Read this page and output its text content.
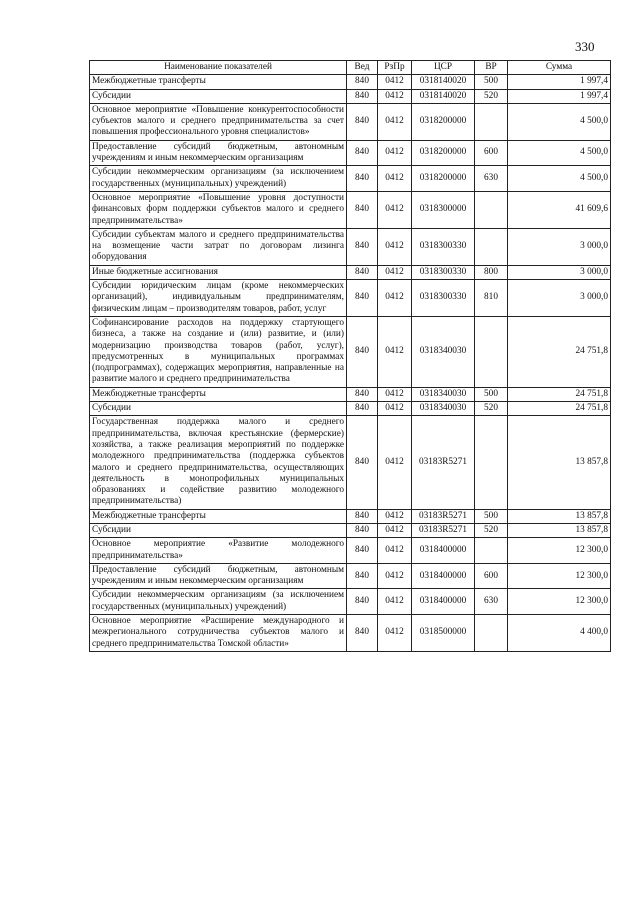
330
Наименование показателей	Вед	РзПр	ЦСР	ВР	Сумма
Межбюджетные трансферты	840	0412	0318140020	500	1 997,4
Субсидии	840	0412	0318140020	520	1 997,4
Основное мероприятие «Повышение конкурентоспособности субъектов малого и среднего предпринимательства за счет повышения профессионального уровня специалистов»	840	0412	0318200000		4 500,0
Предоставление субсидий бюджетным, автономным учреждениям и иным некоммерческим организациям	840	0412	0318200000	600	4 500,0
Субсидии некоммерческим организациям (за исключением государственных (муниципальных) учреждений)	840	0412	0318200000	630	4 500,0
Основное мероприятие «Повышение уровня доступности финансовых форм поддержки субъектов малого и среднего предпринимательства»	840	0412	0318300000		41 609,6
Субсидии субъектам малого и среднего предпринимательства на возмещение части затрат по договорам лизинга оборудования	840	0412	0318300330		3 000,0
Иные бюджетные ассигнования	840	0412	0318300330	800	3 000,0
Субсидии юридическим лицам (кроме некоммерческих организаций), индивидуальным предпринимателям, физическим лицам – производителям товаров, работ, услуг	840	0412	0318300330	810	3 000,0
Софинансирование расходов на поддержку стартующего бизнеса, а также на создание и (или) развитие, и (или) модернизацию производства товаров (работ, услуг), предусмотренных в муниципальных программах (подпрограммах), содержащих мероприятия, направленные на развитие малого и среднего предпринимательства	840	0412	0318340030		24 751,8
Межбюджетные трансферты	840	0412	0318340030	500	24 751,8
Субсидии	840	0412	0318340030	520	24 751,8
Государственная поддержка малого и среднего предпринимательства, включая крестьянские (фермерские) хозяйства, а также реализация мероприятий по поддержке молодежного предпринимательства (поддержка субъектов малого и среднего предпринимательства, осуществляющих деятельность в монопрофильных муниципальных образованиях и содействие развитию молодежного предпринимательства)	840	0412	03183R5271		13 857,8
Межбюджетные трансферты	840	0412	03183R5271	500	13 857,8
Субсидии	840	0412	03183R5271	520	13 857,8
Основное мероприятие «Развитие молодежного предпринимательства»	840	0412	0318400000		12 300,0
Предоставление субсидий бюджетным, автономным учреждениям и иным некоммерческим организациям	840	0412	0318400000	600	12 300,0
Субсидии некоммерческим организациям (за исключением государственных (муниципальных) учреждений)	840	0412	0318400000	630	12 300,0
Основное мероприятие «Расширение международного и межрегионального сотрудничества субъектов малого и среднего предпринимательства Томской области»	840	0412	0318500000		4 400,0
